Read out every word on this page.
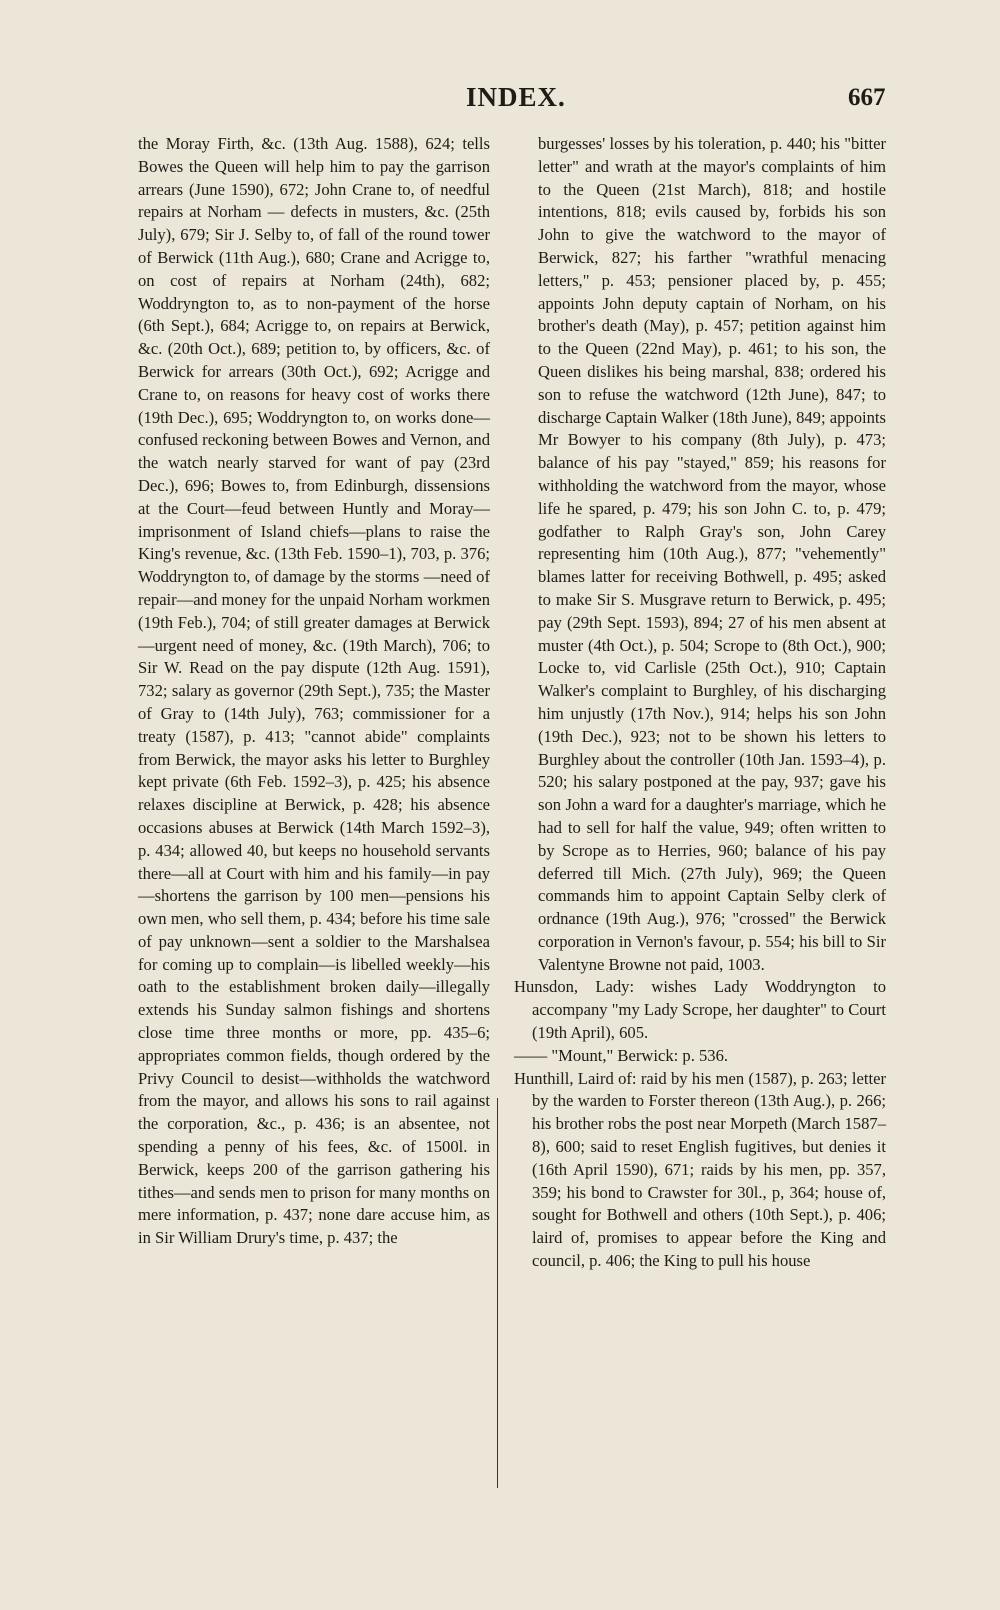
INDEX.	667

the Moray Firth, &c. (13th Aug. 1588), 624; tells Bowes the Queen will help him to pay the garrison arrears (June 1590), 672; John Crane to, of needful repairs at Norham — defects in musters, &c. (25th July), 679; Sir J. Selby to, of fall of the round tower of Berwick (11th Aug.), 680; Crane and Acrigge to, on cost of repairs at Norham (24th), 682; Woddryngton to, as to non-payment of the horse (6th Sept.), 684; Acrigge to, on repairs at Berwick, &c. (20th Oct.), 689; petition to, by officers, &c. of Berwick for arrears (30th Oct.), 692; Acrigge and Crane to, on reasons for heavy cost of works there (19th Dec.), 695; Woddryngton to, on works done—confused reckoning between Bowes and Vernon, and the watch nearly starved for want of pay (23rd Dec.), 696; Bowes to, from Edinburgh, dissensions at the Court—feud between Huntly and Moray—imprisonment of Island chiefs—plans to raise the King's revenue, &c. (13th Feb. 1590–1), 703, p. 376; Woddryngton to, of damage by the storms —need of repair—and money for the unpaid Norham workmen (19th Feb.), 704; of still greater damages at Berwick—urgent need of money, &c. (19th March), 706; to Sir W. Read on the pay dispute (12th Aug. 1591), 732; salary as governor (29th Sept.), 735; the Master of Gray to (14th July), 763; commissioner for a treaty (1587), p. 413; "cannot abide" complaints from Berwick, the mayor asks his letter to Burghley kept private (6th Feb. 1592–3), p. 425; his absence relaxes discipline at Berwick, p. 428; his absence occasions abuses at Berwick (14th March 1592–3), p. 434; allowed 40, but keeps no household servants there—all at Court with him and his family—in pay—shortens the garrison by 100 men—pensions his own men, who sell them, p. 434; before his time sale of pay unknown—sent a soldier to the Marshalsea for coming up to complain—is libelled weekly—his oath to the establishment broken daily—illegally extends his Sunday salmon fishings and shortens close time three months or more, pp. 435–6; appropriates common fields, though ordered by the Privy Council to desist—withholds the watchword from the mayor, and allows his sons to rail against the corporation, &c., p. 436; is an absentee, not spending a penny of his fees, &c. of 1500l. in Berwick, keeps 200 of the garrison gathering his tithes—and sends men to prison for many months on mere information, p. 437; none dare accuse him, as in Sir William Drury's time, p. 437; the

burgesses' losses by his toleration, p. 440; his "bitter letter" and wrath at the mayor's complaints of him to the Queen (21st March), 818; and hostile intentions, 818; evils caused by, forbids his son John to give the watchword to the mayor of Berwick, 827; his farther "wrathful menacing letters," p. 453; pensioner placed by, p. 455; appoints John deputy captain of Norham, on his brother's death (May), p. 457; petition against him to the Queen (22nd May), p. 461; to his son, the Queen dislikes his being marshal, 838; ordered his son to refuse the watchword (12th June), 847; to discharge Captain Walker (18th June), 849; appoints Mr Bowyer to his company (8th July), p. 473; balance of his pay "stayed," 859; his reasons for withholding the watchword from the mayor, whose life he spared, p. 479; his son John C. to, p. 479; godfather to Ralph Gray's son, John Carey representing him (10th Aug.), 877; "vehemently" blames latter for receiving Bothwell, p. 495; asked to make Sir S. Musgrave return to Berwick, p. 495; pay (29th Sept. 1593), 894; 27 of his men absent at muster (4th Oct.), p. 504; Scrope to (8th Oct.), 900; Locke to, vid Carlisle (25th Oct.), 910; Captain Walker's complaint to Burghley, of his discharging him unjustly (17th Nov.), 914; helps his son John (19th Dec.), 923; not to be shown his letters to Burghley about the controller (10th Jan. 1593–4), p. 520; his salary postponed at the pay, 937; gave his son John a ward for a daughter's marriage, which he had to sell for half the value, 949; often written to by Scrope as to Herries, 960; balance of his pay deferred till Mich. (27th July), 969; the Queen commands him to appoint Captain Selby clerk of ordnance (19th Aug.), 976; "crossed" the Berwick corporation in Vernon's favour, p. 554; his bill to Sir Valentyne Browne not paid, 1003.

Hunsdon, Lady: wishes Lady Woddryngton to accompany "my Lady Scrope, her daughter" to Court (19th April), 605.

—— "Mount," Berwick: p. 536.

Hunthill, Laird of: raid by his men (1587), p. 263; letter by the warden to Forster thereon (13th Aug.), p. 266; his brother robs the post near Morpeth (March 1587–8), 600; said to reset English fugitives, but denies it (16th April 1590), 671; raids by his men, pp. 357, 359; his bond to Crawster for 30l., p, 364; house of, sought for Bothwell and others (10th Sept.), p. 406; laird of, promises to appear before the King and council, p. 406; the King to pull his house
